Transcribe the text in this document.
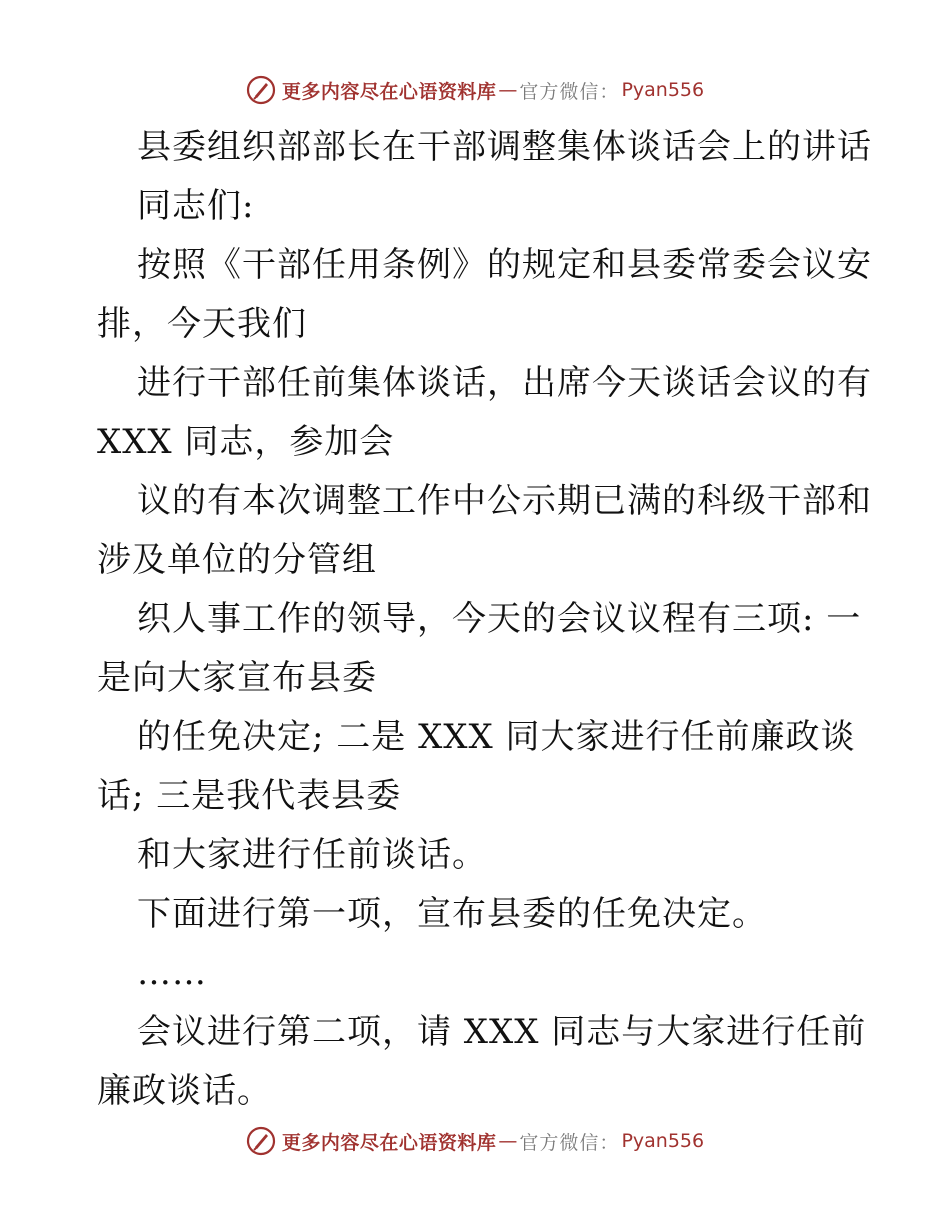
更多内容尽在心语资料库 — 官方微信： Pyan556
县委组织部部长在干部调整集体谈话会上的讲话
同志们:
按照《干部任用条例》的规定和县委常委会议安
排，今天我们
进行干部任前集体谈话，出席今天谈话会议的有
XXX 同志，参加会
议的有本次调整工作中公示期已满的科级干部和
涉及单位的分管组
织人事工作的领导，今天的会议议程有三项: 一
是向大家宣布县委
的任免决定; 二是 XXX 同大家进行任前廉政谈
话; 三是我代表县委
和大家进行任前谈话。
下面进行第一项，宣布县委的任免决定。
……
会议进行第二项，请 XXX 同志与大家进行任前
廉政谈话。
更多内容尽在心语资料库 — 官方微信： Pyan556
